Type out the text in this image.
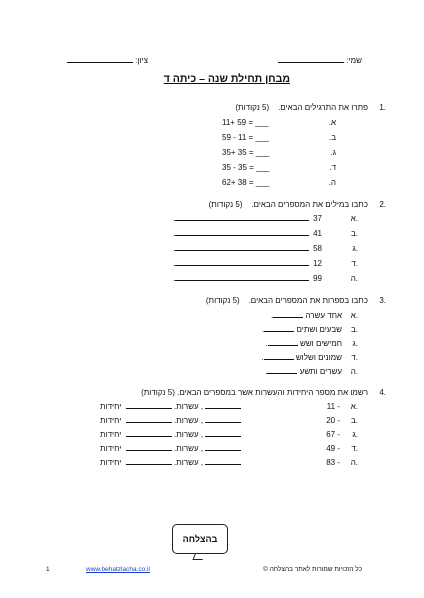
שמי:
ציון:
מבחן תחילת שנה – כיתה ד
1.
פתרו את התרגילים הבאים.    (5 נקודות)
א.
11+ 59 = ___
ב.
59 - 11 = ___
ג.
35+ 35 = ___
ד.
35 - 35 = ___
ה.
62+ 38 = ___
2.
כתבו במילים את המספרים הבאים.    (5 נקודות)
א.
37
.
ב.
41
.
ג.
58
.
ד.
12
.
ה.
99
.
3.
כתבו בספרות את המספרים הבאים.    (5 נקודות)
א.
אחד עשרה .
ב.
שבעים ושתים .
ג.
חמישים ושש .
ד.
שמונים ושלוש .
ה.
עשרים ותשע .
4.
רשמו את מספר היחידות והעשרות אשר במספרים הבאים. (5 נקודות)
א.
11 -
עשרות.   יחידות ,
ב.
20 -
עשרות.   יחידות ,
ג.
67 -
עשרות.   יחידות ,
ד.
49 -
עשרות.   יחידות ,
ה.
83 -
עשרות.   יחידות ,
בהצלחה
1	www.behatzlacha.co.il	כל הזכויות שמורות לאתר בהצלחה ©
